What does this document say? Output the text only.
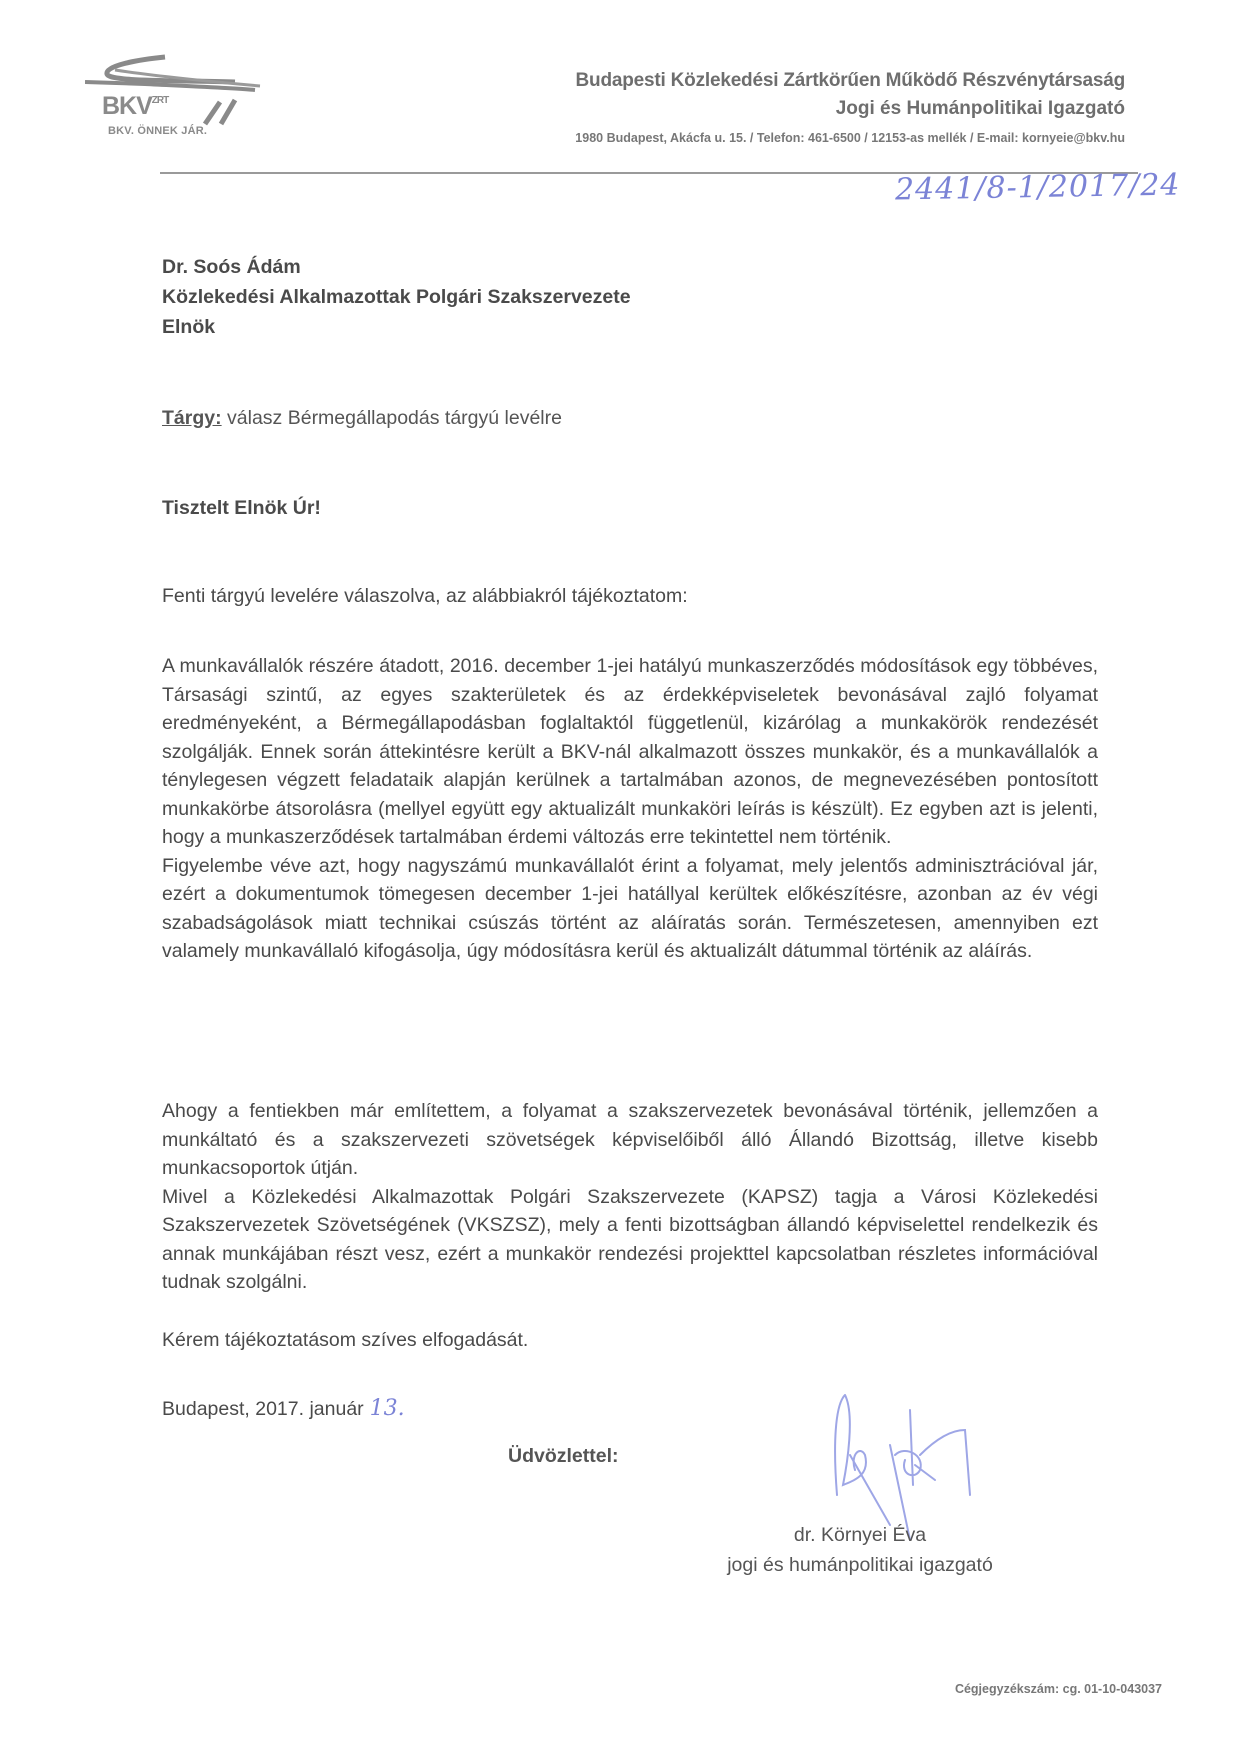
$BKV^{ZRT}$
BKV. ÖNNEK JÁR.
Budapesti Közlekedési Zártkörűen Működő Részvénytársaság
Jogi és Humánpolitikai Igazgató
1980 Budapest, Akácfa u. 15. / Telefon: 461-6500 / 12153-as mellék / E-mail: kornyeie@bkv.hu
2441/8-1/2017/24
Dr. Soós Ádám
Közlekedési Alkalmazottak Polgári Szakszervezete
Elnök
Tárgy: válasz Bérmegállapodás tárgyú levélre
Tisztelt Elnök Úr!
Fenti tárgyú levelére válaszolva, az alábbiakról tájékoztatom:

A munkavállalók részére átadott, 2016. december 1-jei hatályú munkaszerződés módosítások egy többéves, Társasági szintű, az egyes szakterületek és az érdekképviseletek bevonásával zajló folyamat eredményeként, a Bérmegállapodásban foglaltaktól függetlenül, kizárólag a munkakörök rendezését szolgálják. Ennek során áttekintésre került a BKV-nál alkalmazott összes munkakör, és a munkavállalók a ténylegesen végzett feladataik alapján kerülnek a tartalmában azonos, de megnevezésében pontosított munkakörbe átsorolásra (mellyel együtt egy aktualizált munkaköri leírás is készült). Ez egyben azt is jelenti, hogy a munkaszerződések tartalmában érdemi változás erre tekintettel nem történik.

Figyelembe véve azt, hogy nagyszámú munkavállalót érint a folyamat, mely jelentős adminisztrációval jár, ezért a dokumentumok tömegesen december 1-jei hatállyal kerültek előkészítésre, azonban az év végi szabadságolások miatt technikai csúszás történt az aláíratás során. Természetesen, amennyiben ezt valamely munkavállaló kifogásolja, úgy módosításra kerül és aktualizált dátummal történik az aláírás.

Ahogy a fentiekben már említettem, a folyamat a szakszervezetek bevonásával történik, jellemzően a munkáltató és a szakszervezeti szövetségek képviselőiből álló Állandó Bizottság, illetve kisebb munkacsoportok útján.

Mivel a Közlekedési Alkalmazottak Polgári Szakszervezete (KAPSZ) tagja a Városi Közlekedési Szakszervezetek Szövetségének (VKSZSZ), mely a fenti bizottságban állandó képviselettel rendelkezik és annak munkájában részt vesz, ezért a munkakör rendezési projekttel kapcsolatban részletes információval tudnak szolgálni.

Kérem tájékoztatásom szíves elfogadását.
Budapest, 2017. január 13.
Üdvözlettel:
dr. Környei Éva
jogi és humánpolitikai igazgató
Cégjegyzékszám: cg. 01-10-043037
